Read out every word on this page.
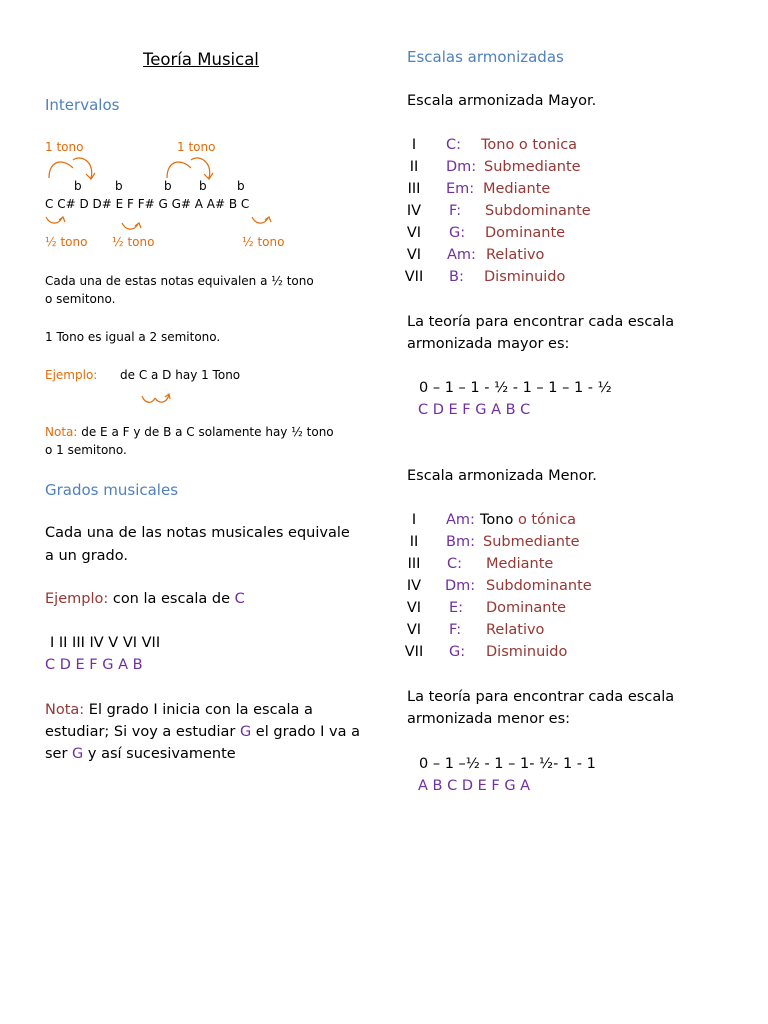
Teoría Musical
Intervalos
1 tono	1 tono
b	b	b b	b
C C# D D# E F F# G G# A A# B C
½ tono ½ tono	½ tono
Cada una de estas notas equivalen a ½ tono
o semitono.
1 Tono es igual a 2 semitono.
Ejemplo: de C a D hay 1 Tono
Nota: de E a F y de B a C solamente hay ½ tono
o 1 semitono.
Grados musicales
Cada una de las notas musicales equivale
a un grado.
Ejemplo: con la escala de C
I II III IV V VI VII
C D E F G A B
Nota: El grado I inicia con la escala a
estudiar; Si voy a estudiar G el grado I va a
ser G y así sucesivamente
Escalas armonizadas
Escala armonizada Mayor.
I	C: Tono o tonica
II	Dm: Submediante
III	Em: Mediante
IV	F: Subdominante
VI	G: Dominante
VI	Am: Relativo
VII	B: Disminuido
La teoría para encontrar cada escala
armonizada mayor es:
0 – 1 – 1 - ½ - 1 – 1 – 1 - ½
C D E F G A B C
Escala armonizada Menor.
I	Am: Tono o tónica
II	Bm: Submediante
III	C: Mediante
IV	Dm: Subdominante
VI	E: Dominante
VI	F: Relativo
VII	G: Disminuido
La teoría para encontrar cada escala
armonizada menor es:
0 – 1 –½ - 1 – 1- ½- 1 - 1
A B C D E F G A
